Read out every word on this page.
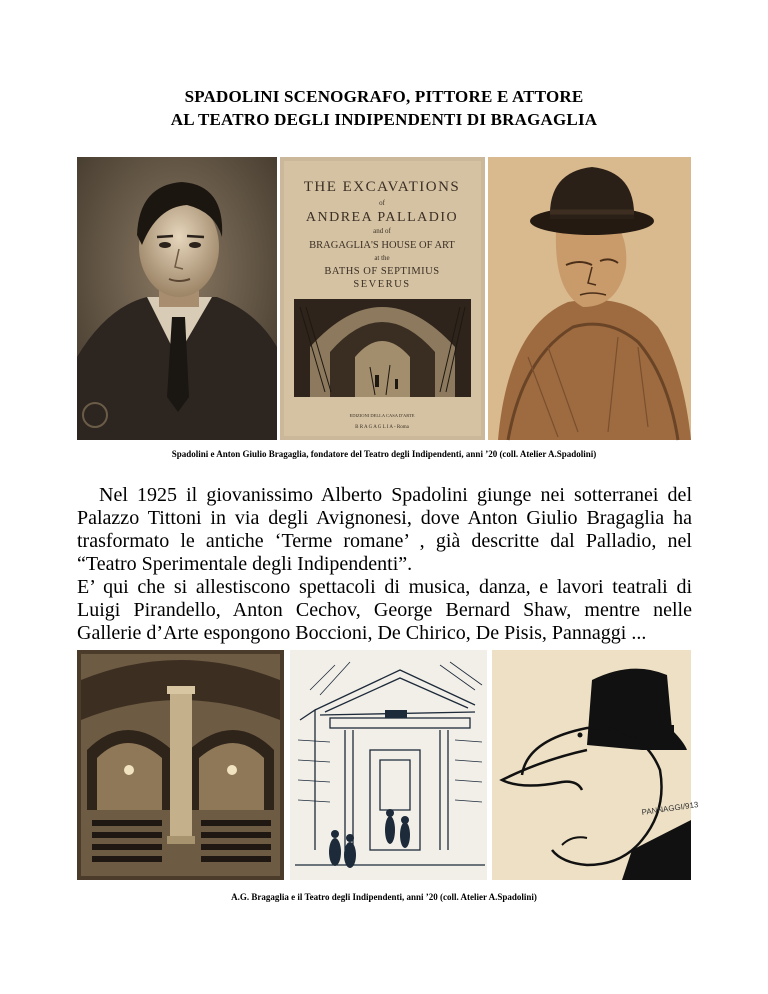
SPADOLINI SCENOGRAFO, PITTORE E ATTORE
AL TEATRO DEGLI INDIPENDENTI DI BRAGAGLIA
THE EXCAVATIONS
of
ANDREA PALLADIO
and of
BRAGAGLIA'S HOUSE OF ART
at the
BATHS OF SEPTIMIUS
SEVERUS
EDIZIONI DELLA CASA D'ARTE
B R A G A G L I A - Roma
Spadolini e Anton Giulio Bragaglia, fondatore del Teatro degli Indipendenti, anni ’20 (coll. Atelier A.Spadolini)

Nel 1925 il giovanissimo Alberto Spadolini giunge nei sotterranei del Palazzo Tittoni in via degli Avignonesi, dove Anton Giulio Bragaglia ha trasformato le antiche ‘Terme romane’ , già descritte dal Palladio, nel “Teatro Sperimentale degli Indipendenti”.

E’ qui che si allestiscono spettacoli di musica, danza, e lavori teatrali di Luigi Pirandello, Anton Cechov, George Bernard Shaw, mentre nelle Gallerie d’Arte espongono Boccioni, De Chirico, De Pisis, Pannaggi ...

PANNAGGI/913
A.G. Bragaglia e il Teatro degli Indipendenti, anni ’20 (coll. Atelier A.Spadolini)
